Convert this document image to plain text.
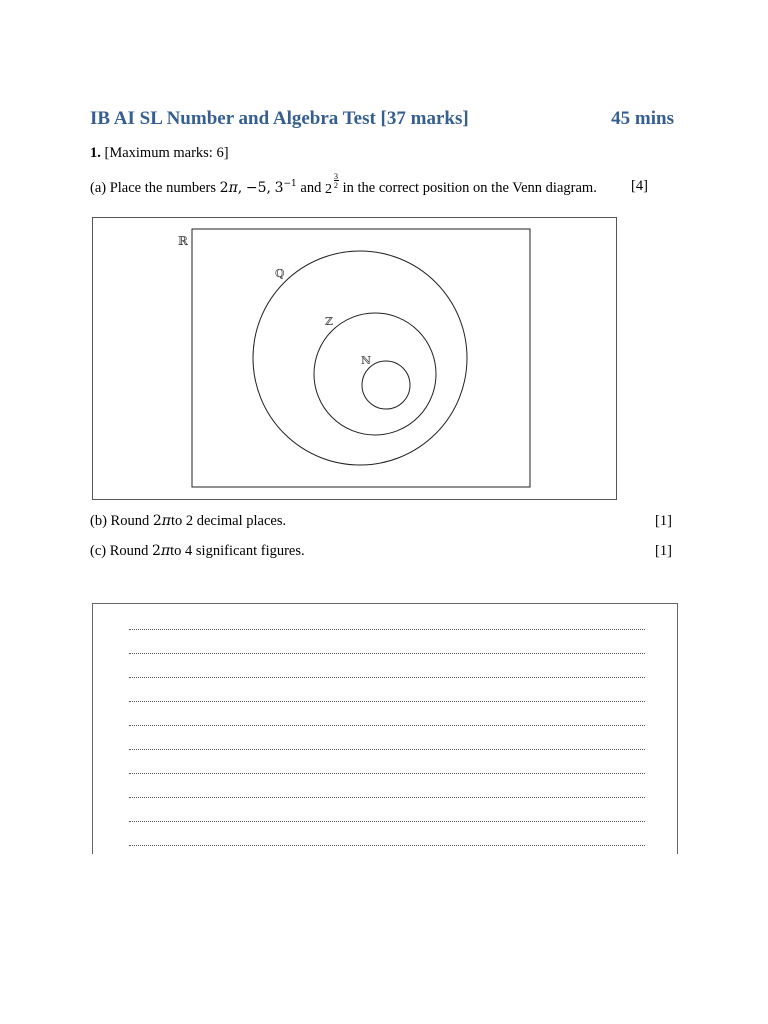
IB AI SL Number and Algebra Test [37 marks]	45 mins
1. [Maximum marks: 6]
(a) Place the numbers 2π, −5, $3^{-1}$ and 2
3
2 in the correct position on the Venn diagram. [4]
ℝ
ℚ
ℤ
ℕ
(b) Round 2πto 2 decimal places.	[1]
(c) Round 2πto 4 significant figures.	[1]
